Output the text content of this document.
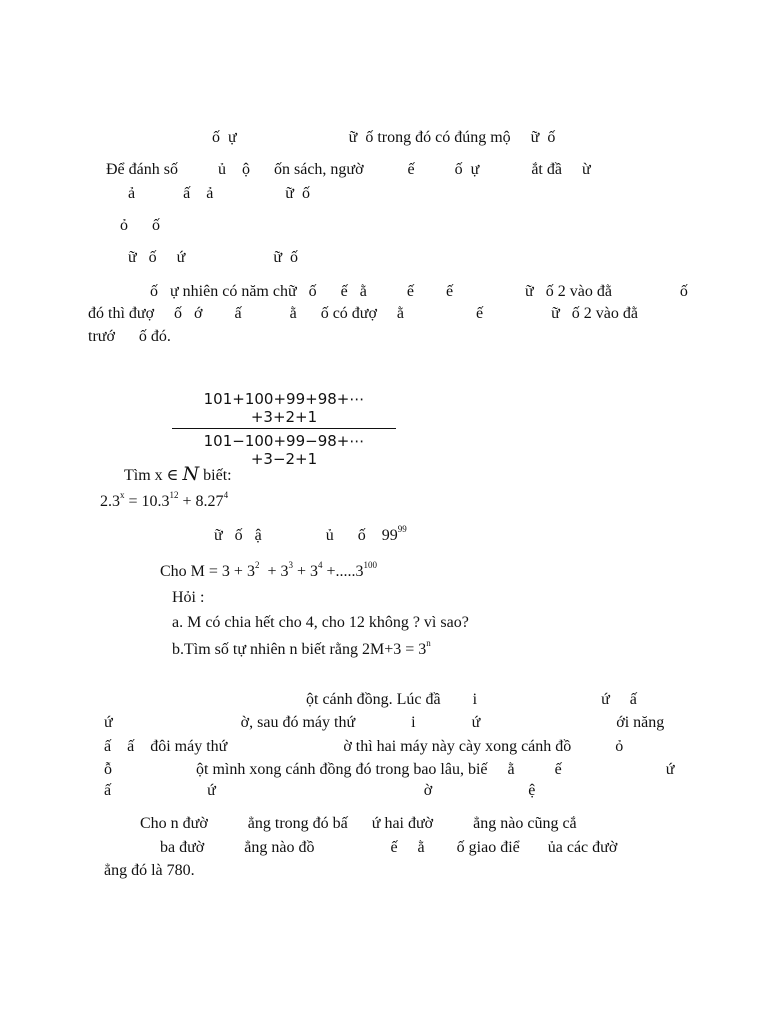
ố  ự                            ữ  ố trong đó có đúng mộ     ữ  ố
Để đánh số          ủ    ộ      ốn sách, ngườ           ế          ố  ự             ắt đầ     ừ
ả            ấ    ả                  ữ  ố
ỏ      ố
ữ   ố     ứ                      ữ  ố
ố   ự nhiên có năm chữ   ố      ế   ằ          ế        ế                  ữ   ố 2 vào đằ                 ố
đó thì đượ     ố   ớ        ấ            ằ      ố có đượ     ằ                  ế                 ữ   ố 2 vào đằ
trướ      ố đó.
$\frac{101+100+99+98+\cdots+3+2+1}{101-100+99-98+\cdots+3-2+1}$
Tìm x ∈ N biết:
$2.3^x = 10.3^{12} + 8.27^4$
ữ   ố   ậ                ủ      ố    $99^{99}$
Cho $M = 3 + 3^2 + 3^3 + 3^4 +.....3^{100}$
Hỏi :
a. M có chia hết cho 4, cho 12 không ? vì sao?
b.Tìm số tự nhiên n biết rằng $2M+3 = 3^n$
ột cánh đồng. Lúc đầ        i                               ứ     ấ
ứ                                ờ, sau đó máy thứ              i              ứ                                  ới năng
ấ    ấ    đôi máy thứ                             ờ thì hai máy này cày xong cánh đồ           ỏ
ỗ                     ột mình xong cánh đồng đó trong bao lâu, biế     ằ          ế                          ứ
ấ                        ứ                                                    ờ                        ệ
Cho n đườ          ẳng trong đó bấ      ứ hai đườ          ẳng nào cũng cắ
ba đườ          ẳng nào đồ                   ế     ằ        ố giao điể       ủa các đườ
ẳng đó là 780.
